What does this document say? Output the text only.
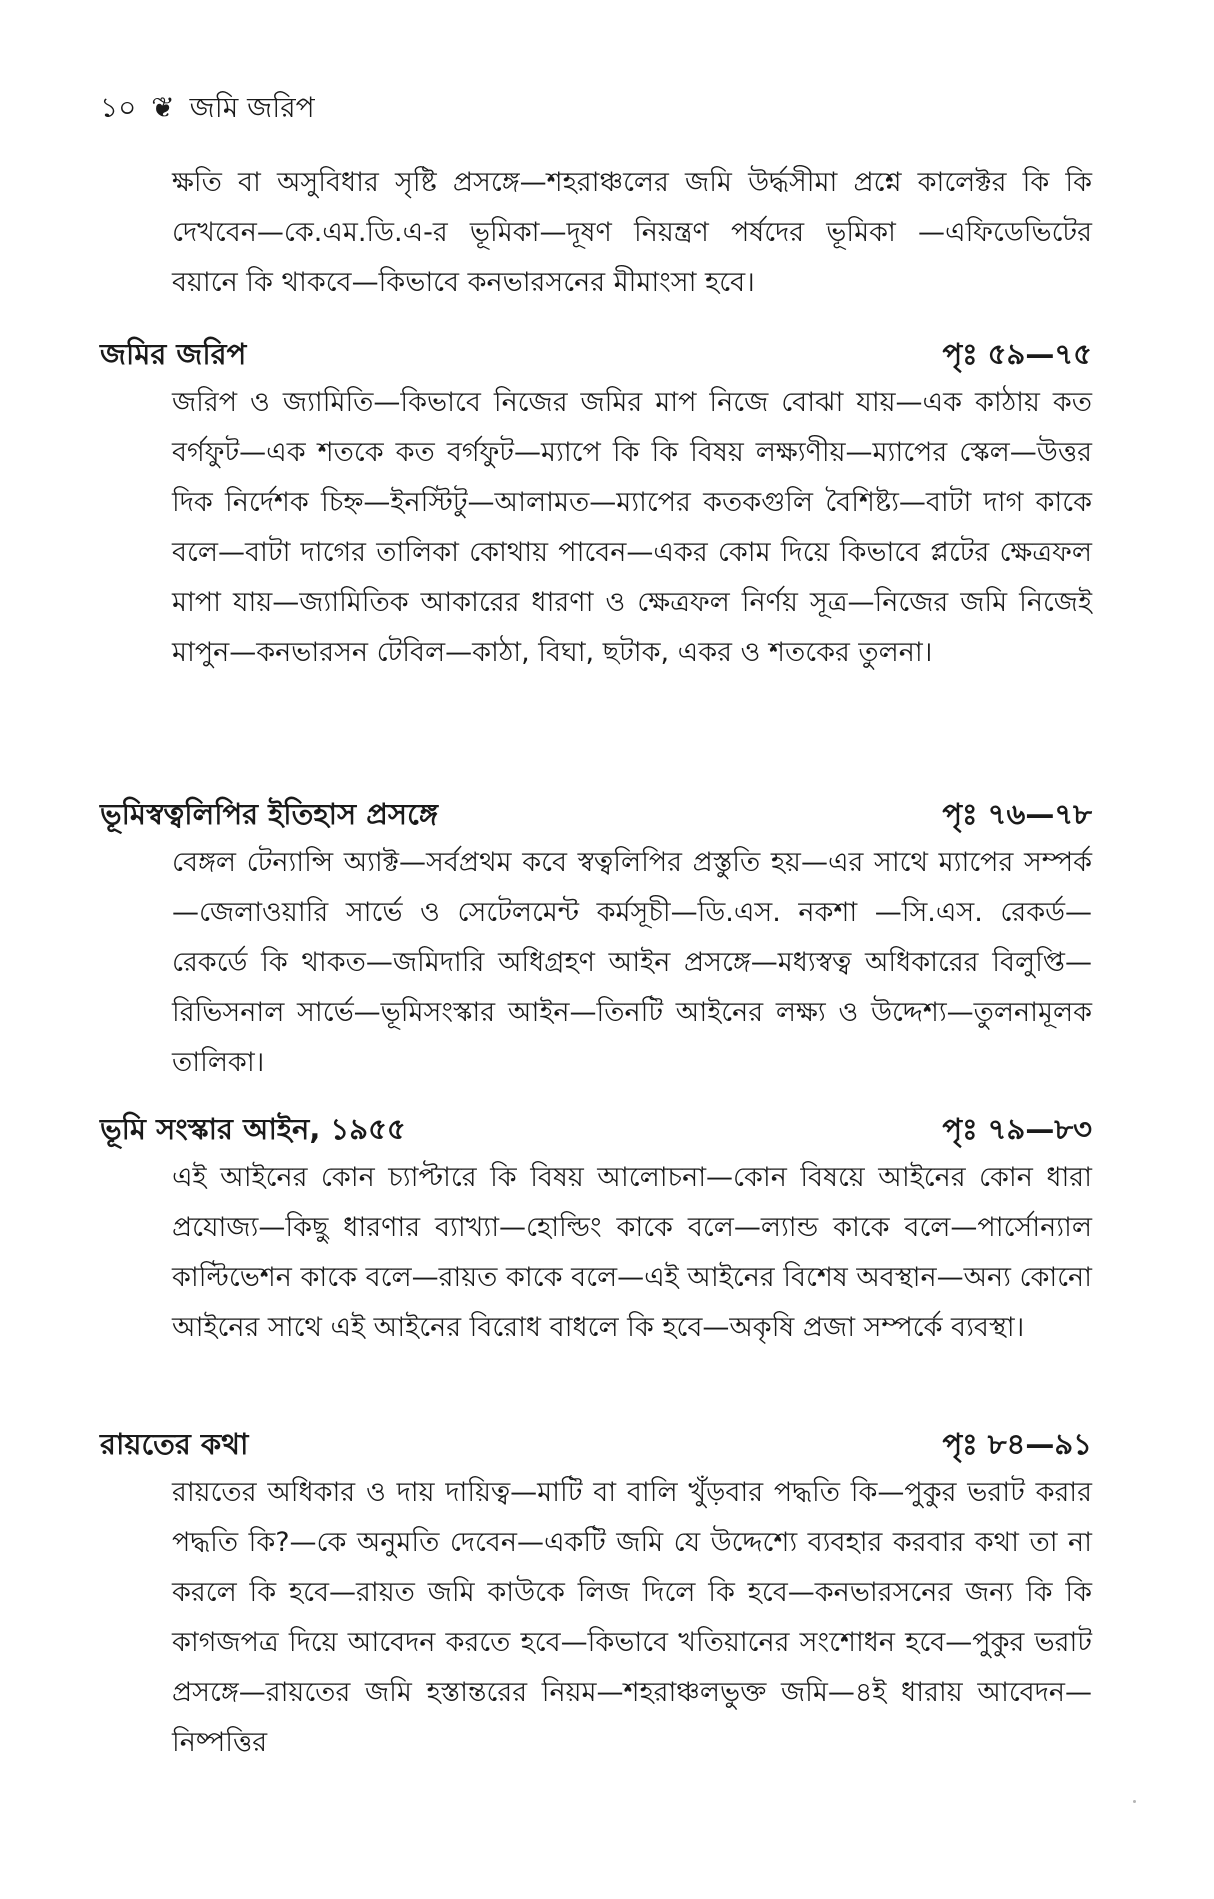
১০ ❦ জমি জরিপ
ক্ষতি বা অসুবিধার সৃষ্টি প্রসঙ্গে—শহরাঞ্চলের জমি উর্দ্ধসীমা প্রশ্নে কালেক্টর কি কি দেখবেন—কে.এম.ডি.এ-র ভূমিকা—দূষণ নিয়ন্ত্রণ পর্ষদের ভূমিকা —এফিডেভিটের বয়ানে কি থাকবে—কিভাবে কনভারসনের মীমাংসা হবে।
জমির জরিপ	পৃঃ ৫৯—৭৫
জরিপ ও জ্যামিতি—কিভাবে নিজের জমির মাপ নিজে বোঝা যায়—এক কাঠায় কত বর্গফুট—এক শতকে কত বর্গফুট—ম্যাপে কি কি বিষয় লক্ষ্যণীয়—ম্যাপের স্কেল—উত্তর দিক নির্দেশক চিহ্ন—ইনস্টিটু—আলামত—ম্যাপের কতকগুলি বৈশিষ্ট্য—বাটা দাগ কাকে বলে—বাটা দাগের তালিকা কোথায় পাবেন—একর কোম দিয়ে কিভাবে প্লটের ক্ষেত্রফল মাপা যায়—জ্যামিতিক আকারের ধারণা ও ক্ষেত্রফল নির্ণয় সূত্র—নিজের জমি নিজেই মাপুন—কনভারসন টেবিল—কাঠা, বিঘা, ছটাক, একর ও শতকের তুলনা।
ভূমিস্বত্বলিপির ইতিহাস প্রসঙ্গে	পৃঃ ৭৬—৭৮
বেঙ্গল টেন্যান্সি অ্যাক্ট—সর্বপ্রথম কবে স্বত্বলিপির প্রস্তুতি হয়—এর সাথে ম্যাপের সম্পর্ক—জেলাওয়ারি সার্ভে ও সেটেলমেন্ট কর্মসূচী—ডি.এস. নকশা —সি.এস. রেকর্ড—রেকর্ডে কি থাকত—জমিদারি অধিগ্রহণ আইন প্রসঙ্গে—মধ্যস্বত্ব অধিকারের বিলুপ্তি—রিভিসনাল সার্ভে—ভূমিসংস্কার আইন—তিনটি আইনের লক্ষ্য ও উদ্দেশ্য—তুলনামূলক তালিকা।
ভূমি সংস্কার আইন, ১৯৫৫	পৃঃ ৭৯—৮৩
এই আইনের কোন চ্যাপ্টারে কি বিষয় আলোচনা—কোন বিষয়ে আইনের কোন ধারা প্রযোজ্য—কিছু ধারণার ব্যাখ্যা—হোল্ডিং কাকে বলে—ল্যান্ড কাকে বলে—পার্সোন্যাল কাল্টিভেশন কাকে বলে—রায়ত কাকে বলে—এই আইনের বিশেষ অবস্থান—অন্য কোনো আইনের সাথে এই আইনের বিরোধ বাধলে কি হবে—অকৃষি প্রজা সম্পর্কে ব্যবস্থা।
রায়তের কথা	পৃঃ ৮৪—৯১
রায়তের অধিকার ও দায় দায়িত্ব—মাটি বা বালি খুঁড়বার পদ্ধতি কি—পুকুর ভরাট করার পদ্ধতি কি?—কে অনুমতি দেবেন—একটি জমি যে উদ্দেশ্যে ব্যবহার করবার কথা তা না করলে কি হবে—রায়ত জমি কাউকে লিজ দিলে কি হবে—কনভারসনের জন্য কি কি কাগজপত্র দিয়ে আবেদন করতে হবে—কিভাবে খতিয়ানের সংশোধন হবে—পুকুর ভরাট প্রসঙ্গে—রায়তের জমি হস্তান্তরের নিয়ম—শহরাঞ্চলভুক্ত জমি—৪ই ধারায় আবেদন—নিষ্পত্তির
